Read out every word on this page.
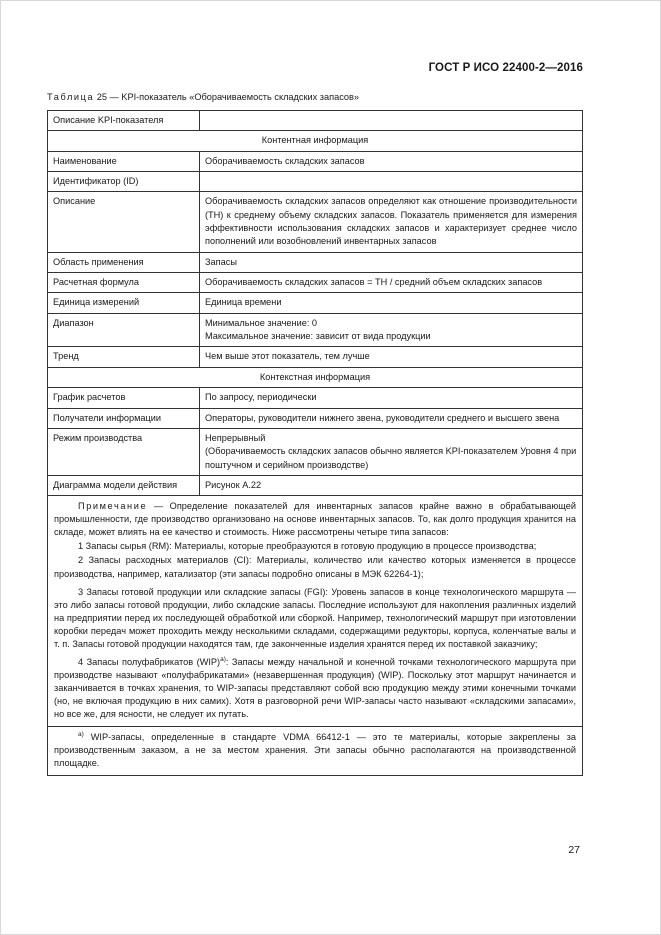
ГОСТ Р ИСО 22400-2—2016
Таблица 25 — KPI-показатель «Оборачиваемость складских запасов»
Описание KPI-показателя	
Контентная информация	
Наименование	Оборачиваемость складских запасов
Идентификатор (ID)	
Описание	Оборачиваемость складских запасов определяют как отношение производительности (TH) к среднему объему складских запасов. Показатель применяется для измерения эффективности использования складских запасов и характеризует среднее число пополнений или возобновлений инвентарных запасов
Область применения	Запасы
Расчетная формула	Оборачиваемость складских запасов = TH / средний объем складских запасов
Единица измерений	Единица времени
Диапазон	Минимальное значение: 0
Максимальное значение: зависит от вида продукции

Тренд	Чем выше этот показатель, тем лучше
Контекстная информация	
График расчетов	По запросу, периодически
Получатели информации	Операторы, руководители нижнего звена, руководители среднего и высшего звена
Режим производства	Непрерывный
(Оборачиваемость складских запасов обычно является KPI-показателем Уровня 4 при поштучном и серийном производстве)

Диаграмма модели действия	Рисунок А.22

Примечание — Определение показателей для инвентарных запасов крайне важно в обрабатывающей промышленности, где производство организовано на основе инвентарных запасов. То, как долго продукция хранится на складе, может влиять на ее качество и стоимость. Ниже рассмотрены четыре типа запасов:

1 Запасы сырья (RM): Материалы, которые преобразуются в готовую продукцию в процессе производства;

2 Запасы расходных материалов (CI): Материалы, количество или качество которых изменяется в процессе производства, например, катализатор (эти запасы подробно описаны в МЭК 62264-1);

3 Запасы готовой продукции или складские запасы (FGI): Уровень запасов в конце технологического маршрута — это либо запасы готовой продукции, либо складские запасы. Последние используют для накопления различных изделий на предприятии перед их последующей обработкой или сборкой. Например, технологический маршрут при изготовлении коробки передач может проходить между несколькими складами, содержащими редукторы, корпуса, коленчатые валы и т. п. Запасы готовой продукции находятся там, где законченные изделия хранятся перед их поставкой заказчику;

4 Запасы полуфабрикатов (WIP)$^{а)}$: Запасы между начальной и конечной точками технологического маршрута при производстве называют «полуфабрикатами» (незавершенная продукция) (WIP). Поскольку этот маршрут начинается и заканчивается в точках хранения, то WIP-запасы представляют собой всю продукцию между этими конечными точками (но, не включая продукцию в них самих). Хотя в разговорной речи WIP-запасы часто называют «складскими запасами», но все же, для ясности, не следует их путать.	

$^{а)}$ WIP-запасы, определенные в стандарте VDMA 66412-1 — это те материалы, которые закреплены за производственным заказом, а не за местом хранения. Эти запасы обычно располагаются на производственной площадке.	

27
